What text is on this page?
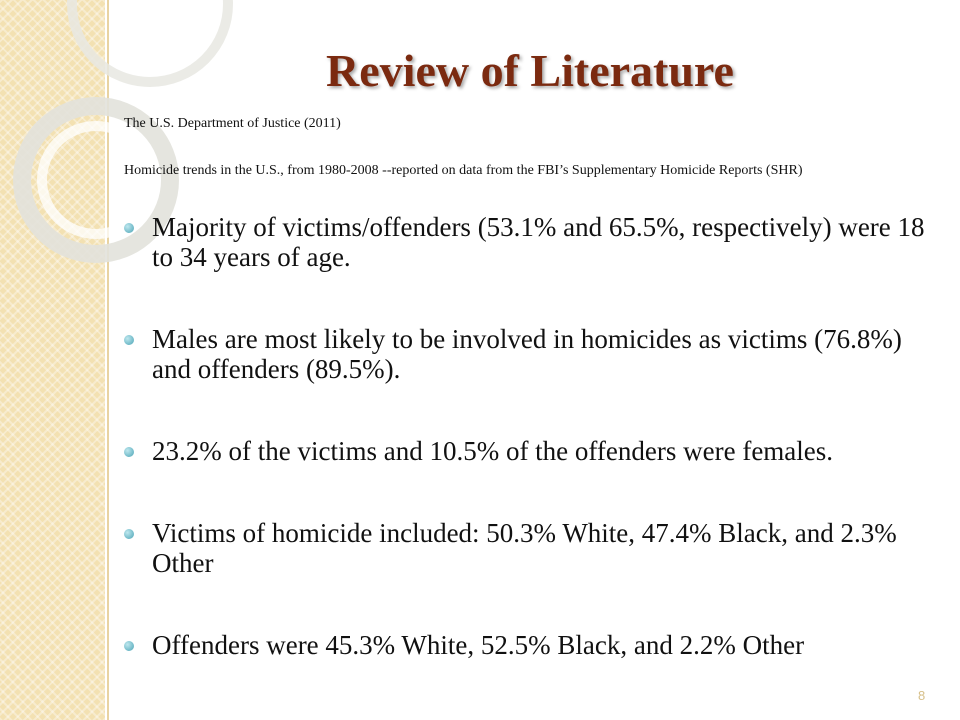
Review of Literature

The U.S. Department of Justice (2011)

Homicide trends in the U.S., from 1980-2008 --reported on data from the FBI’s Supplementary Homicide Reports (SHR)

Majority of victims/offenders (53.1% and 65.5%, respectively) were 18 to 34 years of age.
Males are most likely to be involved in homicides as victims (76.8%) and offenders (89.5%).
23.2% of the victims and 10.5% of the offenders were females.
Victims of homicide included: 50.3% White, 47.4% Black, and 2.3% Other
Offenders were 45.3% White, 52.5% Black, and 2.2% Other
8
